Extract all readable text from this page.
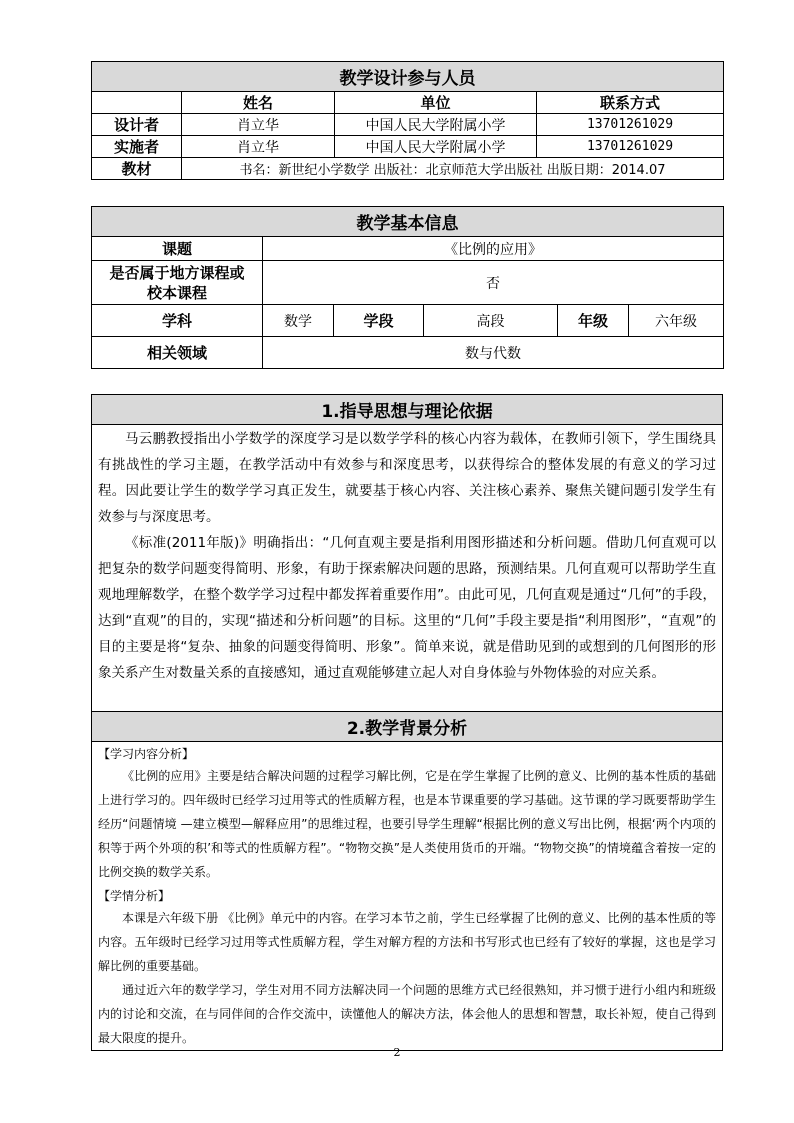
教学设计参与人员			
	姓名	单位	联系方式
设计者	肖立华	中国人民大学附属小学	13701261029
实施者	肖立华	中国人民大学附属小学	13701261029
教材	书名：新世纪小学数学 出版社：北京师范大学出版社 出版日期：2014.07		
教学基本信息					
课题	《比例的应用》				
是否属于地方课程或校本课程	否				
学科	数学	学段	高段	年级	六年级
相关领域	数与代数				
1.指导思想与理论依据

马云鹏教授指出小学数学的深度学习是以数学学科的核心内容为载体，在教师引领下，学生围绕具有挑战性的学习主题，在教学活动中有效参与和深度思考，以获得综合的整体发展的有意义的学习过程。因此要让学生的数学学习真正发生，就要基于核心内容、关注核心素养、聚焦关键问题引发学生有效参与与深度思考。

《标准(2011年版)》明确指出：“几何直观主要是指利用图形描述和分析问题。借助几何直观可以把复杂的数学问题变得简明、形象，有助于探索解决问题的思路，预测结果。几何直观可以帮助学生直观地理解数学，在整个数学学习过程中都发挥着重要作用”。由此可见，几何直观是通过“几何”的手段，达到“直观”的目的，实现“描述和分析问题”的目标。这里的“几何”手段主要是指“利用图形”，“直观”的目的主要是将“复杂、抽象的问题变得简明、形象”。简单来说，就是借助见到的或想到的几何图形的形象关系产生对数量关系的直接感知，通过直观能够建立起人对自身体验与外物体验的对应关系。

2.教学背景分析

【学习内容分析】

《比例的应用》主要是结合解决问题的过程学习解比例，它是在学生掌握了比例的意义、比例的基本性质的基础上进行学习的。四年级时已经学习过用等式的性质解方程，也是本节课重要的学习基础。这节课的学习既要帮助学生经历“问题情境 —建立模型—解释应用”的思维过程，也要引导学生理解“根据比例的意义写出比例，根据‘两个内项的积等于两个外项的积’和等式的性质解方程”。“物物交换”是人类使用货币的开端。“物物交换”的情境蕴含着按一定的比例交换的数学关系。

【学情分析】

本课是六年级下册 《比例》单元中的内容。在学习本节之前，学生已经掌握了比例的意义、比例的基本性质的等内容。五年级时已经学习过用等式性质解方程，学生对解方程的方法和书写形式也已经有了较好的掌握，这也是学习解比例的重要基础。

通过近六年的数学学习，学生对用不同方法解决同一个问题的思维方式已经很熟知，并习惯于进行小组内和班级内的讨论和交流，在与同伴间的合作交流中，读懂他人的解决方法，体会他人的思想和智慧，取长补短，使自己得到最大限度的提升。

2
